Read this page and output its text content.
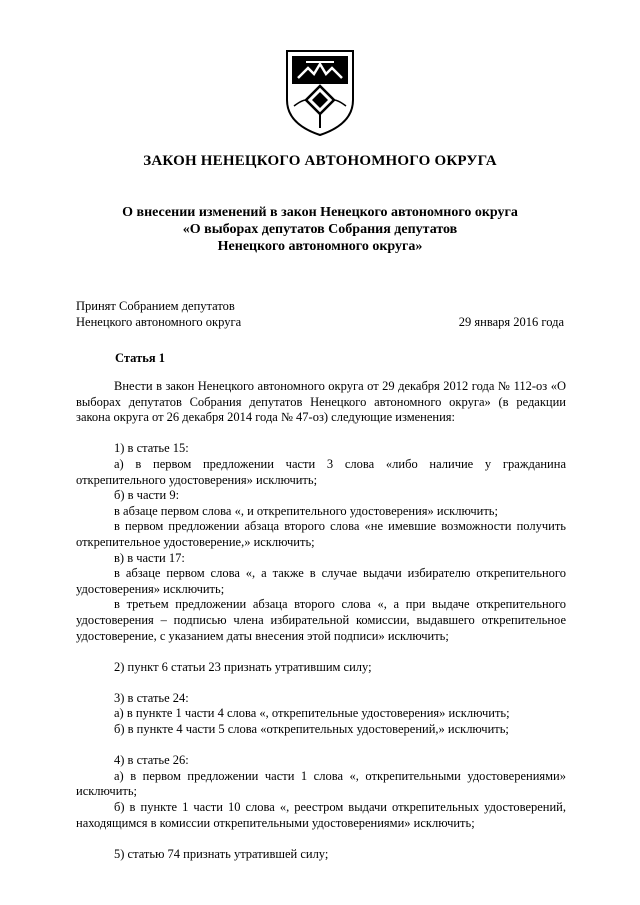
ЗАКОН НЕНЕЦКОГО АВТОНОМНОГО ОКРУГА
О внесении изменений в закон Ненецкого автономного округа
«О выборах депутатов Собрания депутатов
Ненецкого автономного округа»
Принят Собранием депутатов
Ненецкого автономного округа	29 января 2016 года
Статья 1

Внести в закон Ненецкого автономного округа от 29 декабря 2012 года № 112-оз «О выборах депутатов Собрания депутатов Ненецкого автономного округа» (в редакции закона округа от 26 декабря 2014 года № 47-оз) следующие изменения:

1) в статье 15:

а) в первом предложении части 3 слова «либо наличие у гражданина открепительного удостоверения» исключить;

б) в части 9:

в абзаце первом слова «, и открепительного удостоверения» исключить;

в первом предложении абзаца второго слова «не имевшие возможности получить открепительное удостоверение,» исключить;

в) в части 17:

в абзаце первом слова «, а также в случае выдачи избирателю открепительного удостоверения» исключить;

в третьем предложении абзаца второго слова «, а при выдаче открепительного удостоверения – подписью члена избирательной комиссии, выдавшего открепительное удостоверение, с указанием даты внесения этой подписи» исключить;

2) пункт 6 статьи 23 признать утратившим силу;

3) в статье 24:

а) в пункте 1 части 4 слова «, открепительные удостоверения» исключить;

б) в пункте 4 части 5 слова «открепительных удостоверений,» исключить;

4) в статье 26:

а) в первом предложении части 1 слова «, открепительными удостоверениями» исключить;

б) в пункте 1 части 10 слова «, реестром выдачи открепительных удостоверений, находящимся в комиссии открепительными удостоверениями» исключить;

5) статью 74 признать утратившей силу;
